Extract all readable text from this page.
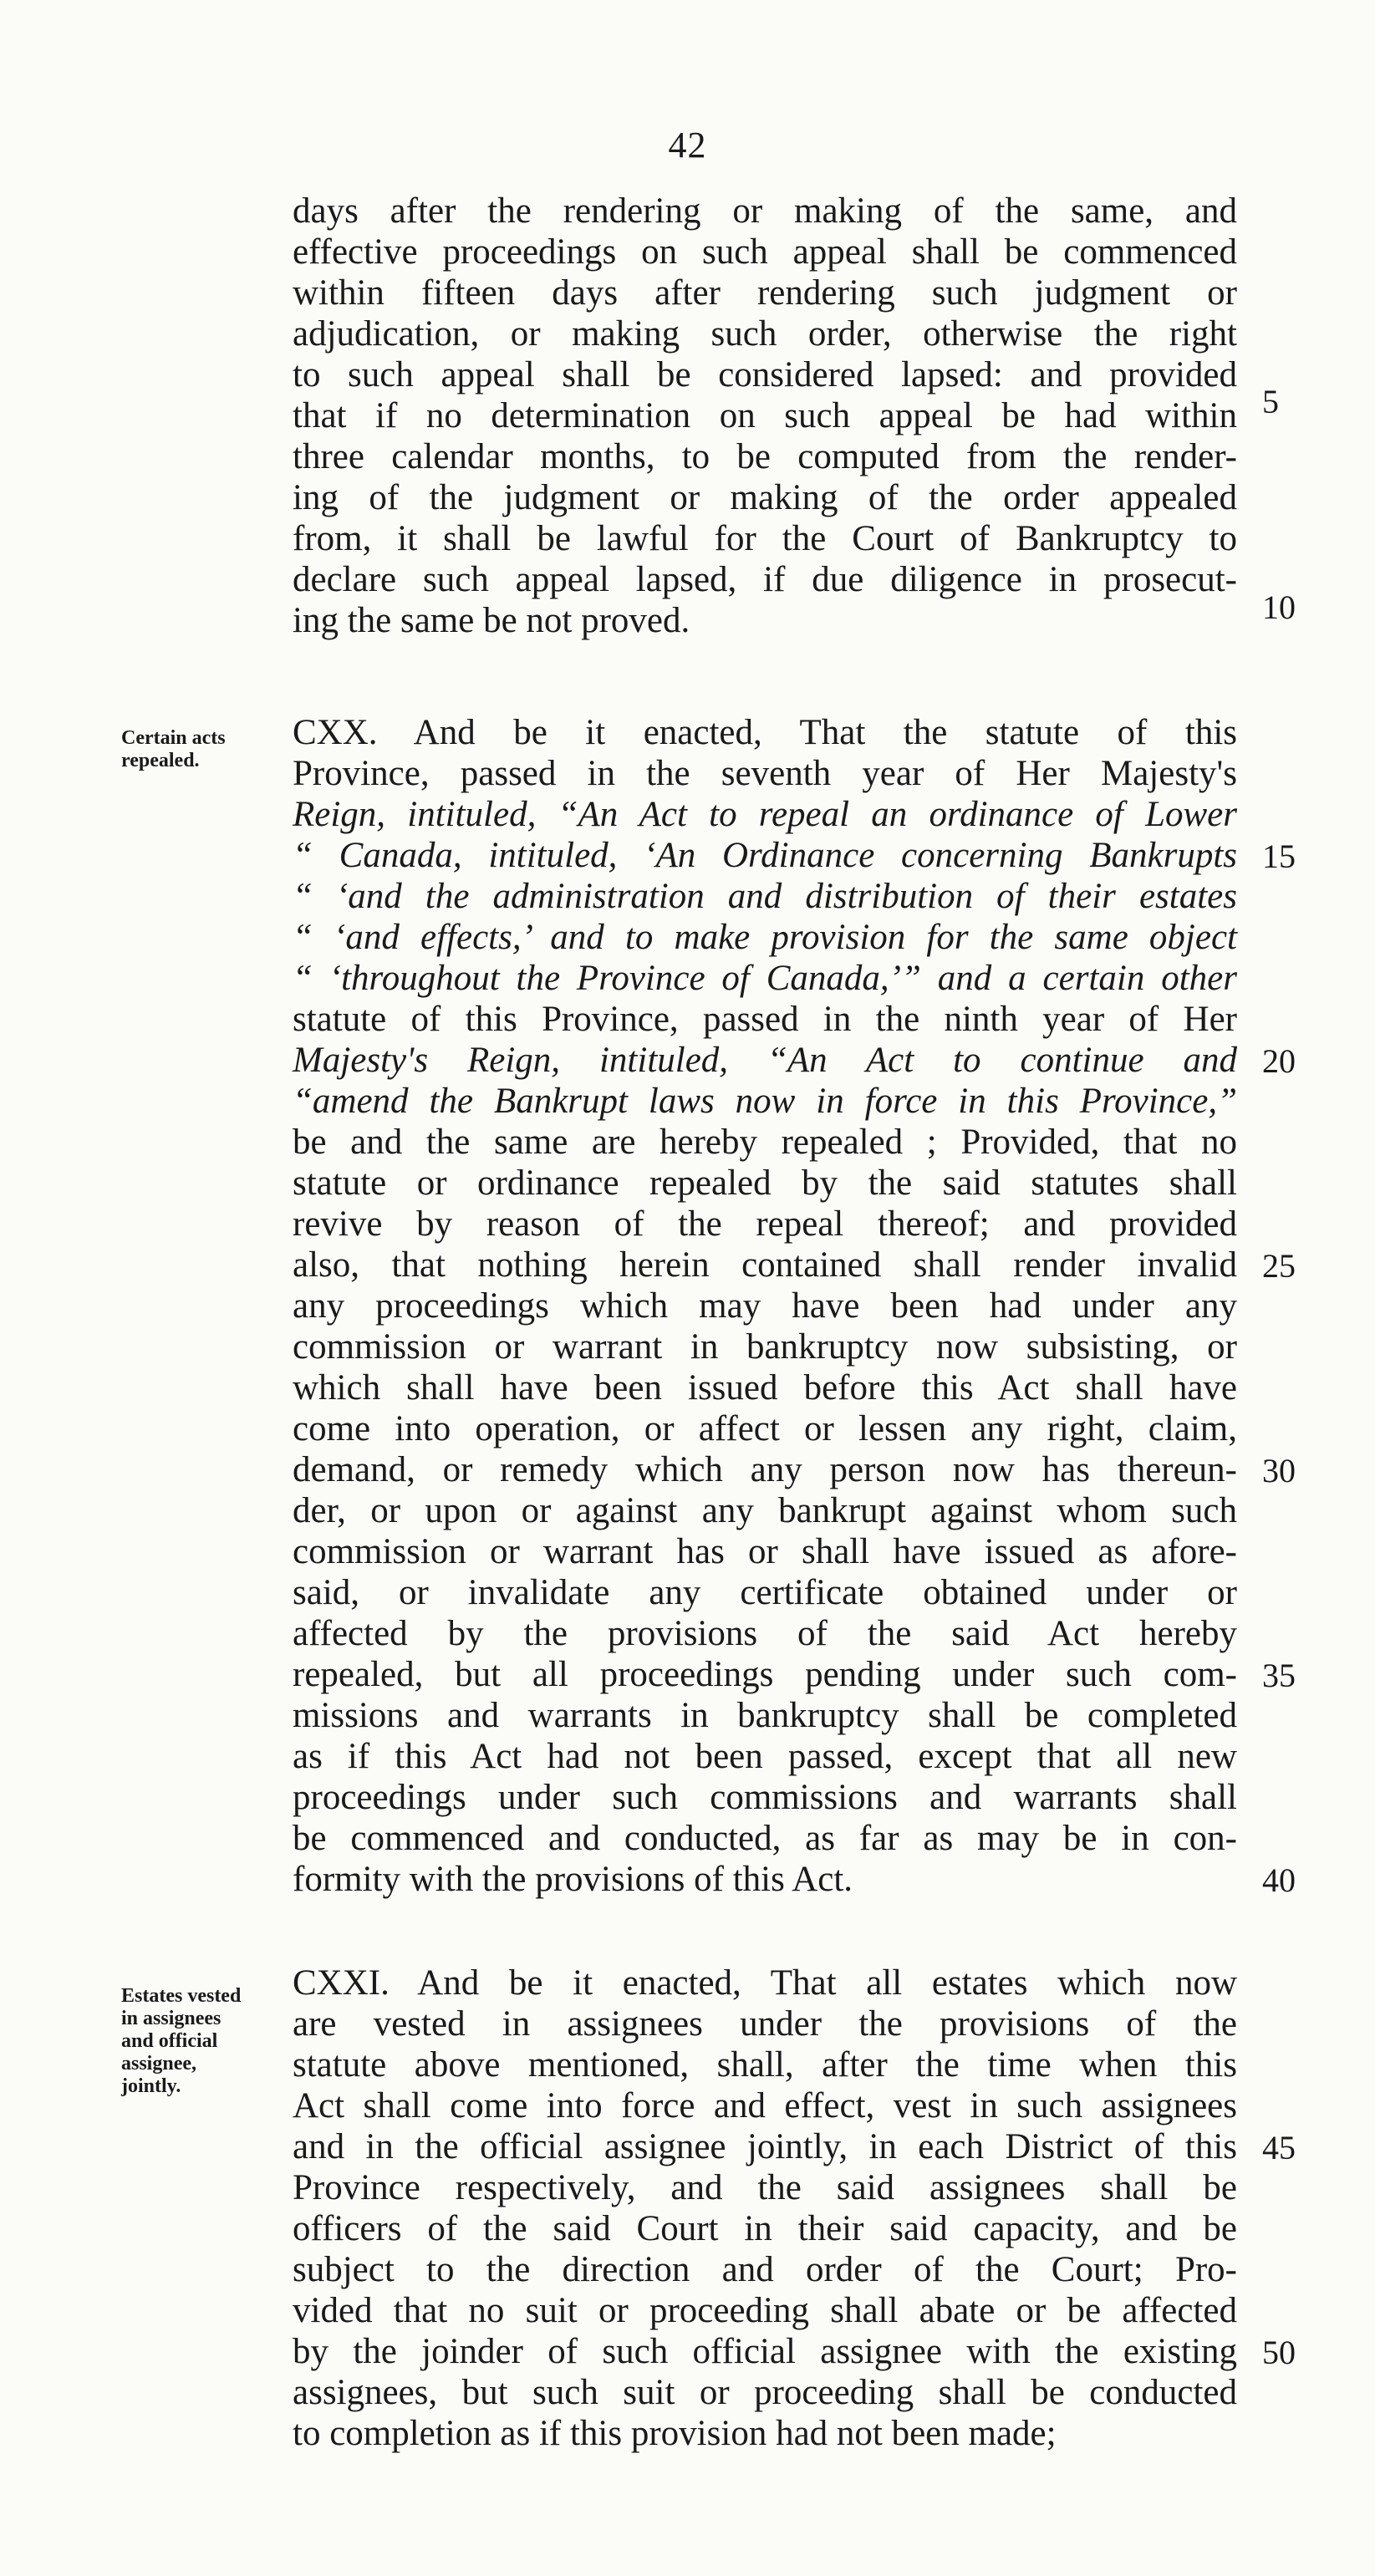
42
days after the rendering or making of the same, and
effective proceedings on such appeal shall be commenced
within fifteen days after rendering such judgment or
adjudication, or making such order, otherwise the right
to such appeal shall be considered lapsed: and provided
that if no determination on such appeal be had within
three calendar months, to be computed from the render-
ing of the judgment or making of the order appealed
from, it shall be lawful for the Court of Bankruptcy to
declare such appeal lapsed, if due diligence in prosecut-
ing the same be not proved.
Certain acts
repealed.
CXX. And be it enacted, That the statute of this
Province, passed in the seventh year of Her Majesty's
Reign, intituled, “An Act to repeal an ordinance of Lower
“ Canada, intituled, ‘An Ordinance concerning Bankrupts
“ ‘and the administration and distribution of their estates
“ ‘and effects,’ and to make provision for the same object
“ ‘throughout the Province of Canada,’” and a certain other
statute of this Province, passed in the ninth year of Her
Majesty's Reign, intituled, “An Act to continue and
“amend the Bankrupt laws now in force in this Province,”
be and the same are hereby repealed ; Provided, that no
statute or ordinance repealed by the said statutes shall
revive by reason of the repeal thereof; and provided
also, that nothing herein contained shall render invalid
any proceedings which may have been had under any
commission or warrant in bankruptcy now subsisting, or
which shall have been issued before this Act shall have
come into operation, or affect or lessen any right, claim,
demand, or remedy which any person now has thereun-
der, or upon or against any bankrupt against whom such
commission or warrant has or shall have issued as afore-
said, or invalidate any certificate obtained under or
affected by the provisions of the said Act hereby
repealed, but all proceedings pending under such com-
missions and warrants in bankruptcy shall be completed
as if this Act had not been passed, except that all new
proceedings under such commissions and warrants shall
be commenced and conducted, as far as may be in con-
formity with the provisions of this Act.
Estates vested
in assignees
and official
assignee,
jointly.
CXXI. And be it enacted, That all estates which now
are vested in assignees under the provisions of the
statute above mentioned, shall, after the time when this
Act shall come into force and effect, vest in such assignees
and in the official assignee jointly, in each District of this
Province respectively, and the said assignees shall be
officers of the said Court in their said capacity, and be
subject to the direction and order of the Court; Pro-
vided that no suit or proceeding shall abate or be affected
by the joinder of such official assignee with the existing
assignees, but such suit or proceeding shall be conducted
to completion as if this provision had not been made;
5
10
15
20
25
30
35
40
45
50
